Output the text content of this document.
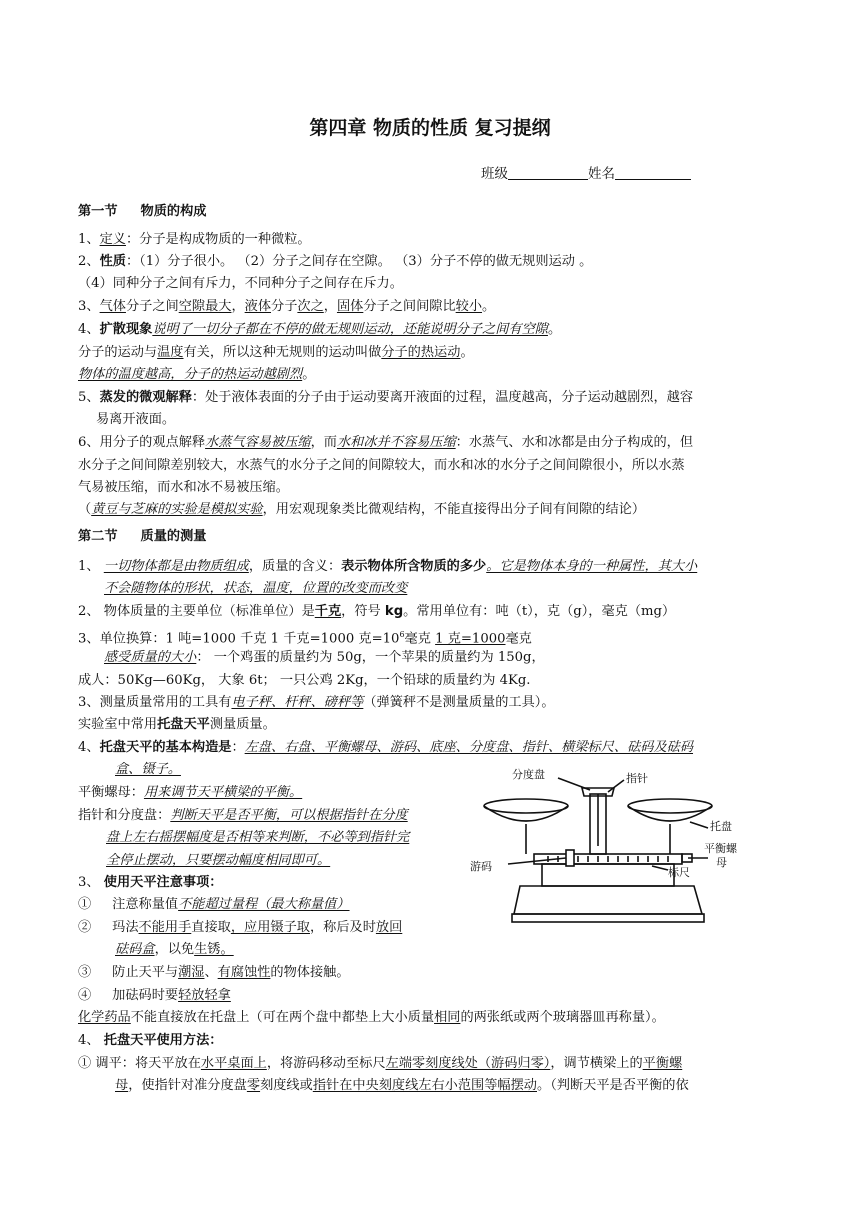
第四章 物质的性质 复习提纲
班级	姓名
第一节 物质的构成
1、定义：分子是构成物质的一种微粒。
2、性质：（1）分子很小。 （2）分子之间存在空隙。 （3）分子不停的做无规则运动 。
（4）同种分子之间有斥力，不同种分子之间存在斥力。
3、气体分子之间空隙最大，液体分子次之，固体分子之间间隙比较小。
4、扩散现象说明了一切分子都在不停的做无规则运动，还能说明分子之间有空隙。
分子的运动与温度有关，所以这种无规则的运动叫做分子的热运动。
物体的温度越高，分子的热运动越剧烈。
5、蒸发的微观解释：处于液体表面的分子由于运动要离开液面的过程，温度越高，分子运动越剧烈，越容
易离开液面。
6、用分子的观点解释水蒸气容易被压缩，而水和冰并不容易压缩：水蒸气、水和冰都是由分子构成的，但
水分子之间间隙差别较大，水蒸气的水分子之间的间隙较大，而水和冰的水分子之间间隙很小，所以水蒸
气易被压缩，而水和冰不易被压缩。
（黄豆与芝麻的实验是模拟实验，用宏观现象类比微观结构，不能直接得出分子间有间隙的结论）
第二节 质量的测量
1、 一切物体都是由物质组成，质量的含义：表示物体所含物质的多少。它是物体本身的一种属性，其大小
不会随物体的形状，状态，温度，位置的改变而改变
2、 物体质量的主要单位（标准单位）是千克，符号 kg。常用单位有：吨（t），克（g），毫克（mg）
3、单位换算：1 吨=1000 千克 1 千克=1000 克$=10^6$毫克 1 克=1000毫克
感受质量的大小： 一个鸡蛋的质量约为 50g，一个苹果的质量约为 150g，
成人：50Kg—60Kg， 大象 6t； 一只公鸡 2Kg，一个铅球的质量约为 4Kg.
3、测量质量常用的工具有电子秤、杆秤、磅秤等（弹簧秤不是测量质量的工具）。
实验室中常用托盘天平测量质量。
4、托盘天平的基本构造是：左盘、右盘、平衡螺母、游码、底座、分度盘、指针、横梁标尺、砝码及砝码
盒、镊子。
平衡螺母：用来调节天平横梁的平衡。
指针和分度盘：判断天平是否平衡，可以根据指针在分度
盘上左右摇摆幅度是否相等来判断，不必等到指针完
全停止摆动，只要摆动幅度相同即可。
3、 使用天平注意事项：
① 注意称量值不能超过量程（最大称量值）
② 玛法不能用手直接取，应用镊子取，称后及时放回
砝码盒，以免生锈。
③ 防止天平与潮湿、有腐蚀性的物体接触。
④ 加砝码时要轻放轻拿
化学药品不能直接放在托盘上（可在两个盘中都垫上大小质量相同的两张纸或两个玻璃器皿再称量）。
4、 托盘天平使用方法：
① 调平：将天平放在水平桌面上，将游码移动至标尺左端零刻度线处（游码归零），调节横梁上的平衡螺
母，使指针对准分度盘零刻度线或指针在中央刻度线左右小范围等幅摆动。（判断天平是否平衡的依
分度盘	指针
托盘
平衡螺
母
游码	标尺
